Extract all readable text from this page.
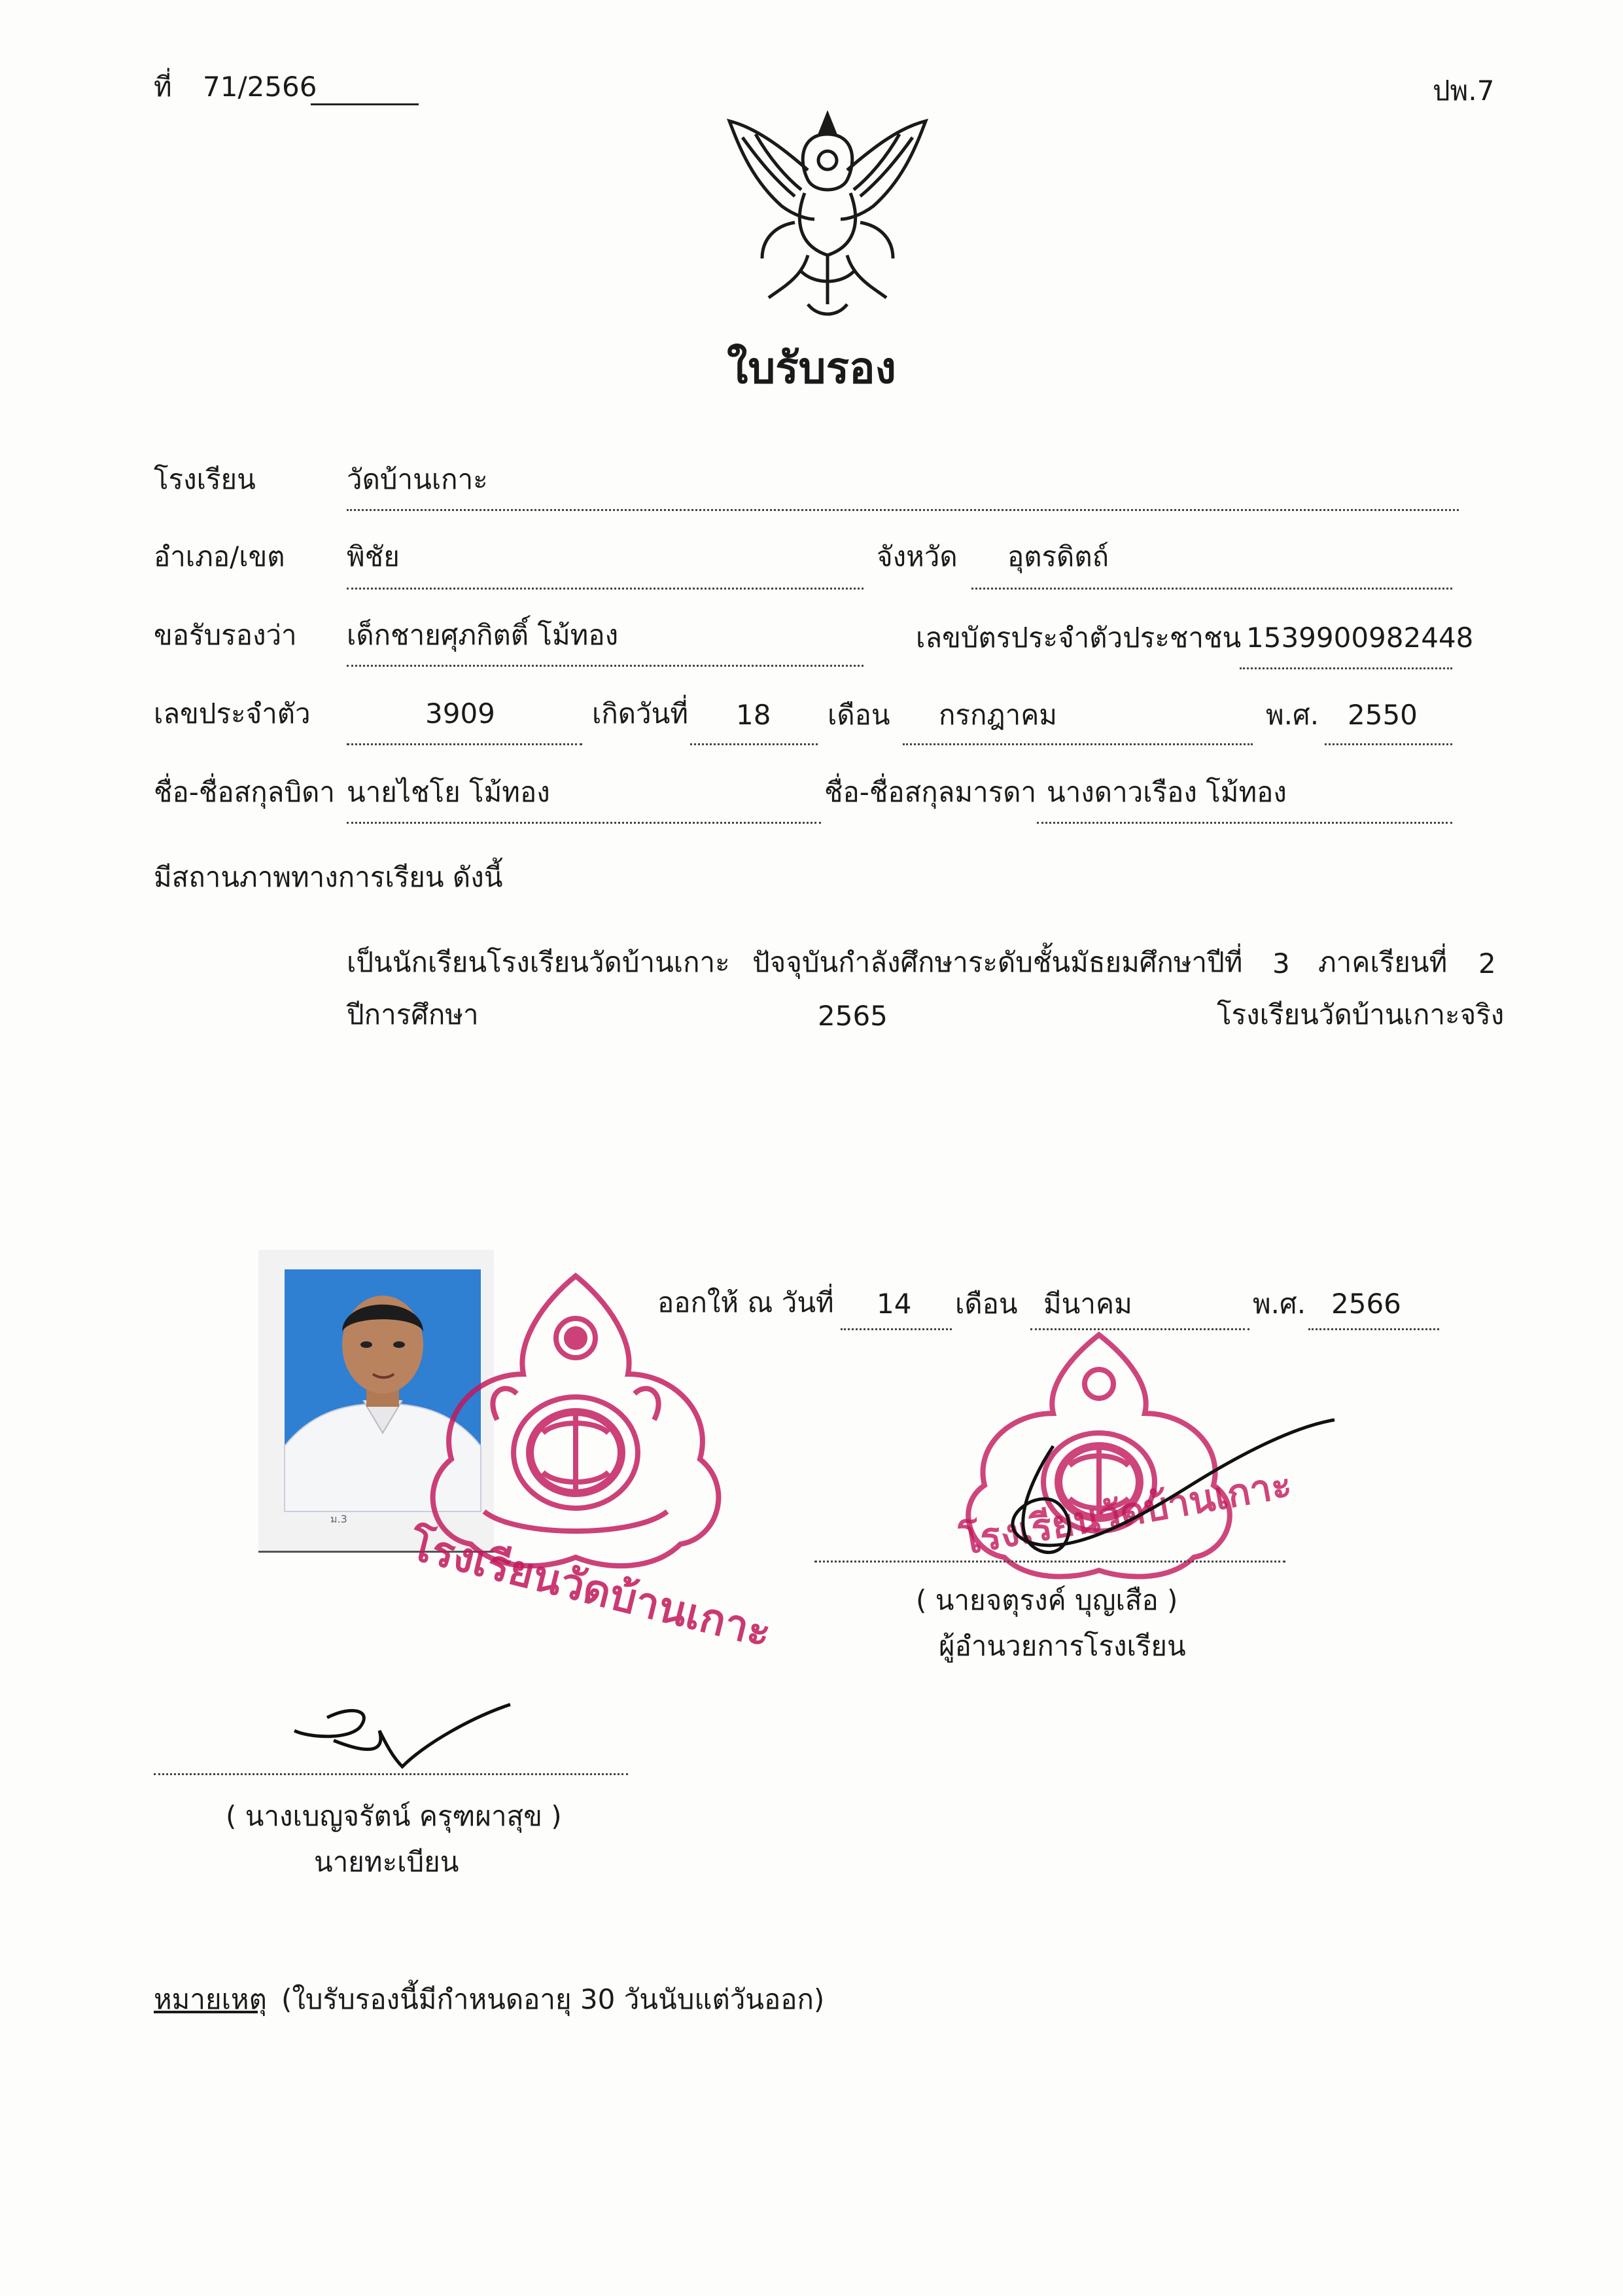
ที่ 71/2566	ปพ.7
ใบรับรอง
โรงเรียน	วัดบ้านเกาะ
อำเภอ/เขต พิชัย	จังหวัด อุตรดิตถ์
ขอรับรองว่า เด็กชายศุภกิตติ์ โม้ทอง	เลขบัตรประจำตัวประชาชน 1539900982448
เลขประจำตัว	3909	เกิดวันที่ 18 เดือน กรกฎาคม	พ.ศ. 2550
ชื่อ-ชื่อสกุลบิดา นายไชโย โม้ทอง	ชื่อ-ชื่อสกุลมารดา นางดาวเรือง โม้ทอง
มีสถานภาพทางการเรียน ดังนี้
เป็นนักเรียนโรงเรียนวัดบ้านเกาะ ปัจจุบันกำลังศึกษาระดับชั้นมัธยมศึกษาปีที่ 3 ภาคเรียนที่ 2
ปีการศึกษา	2565	โรงเรียนวัดบ้านเกาะจริง
ม.3
โรงเรียนวัดบ้านเกาะ
ออกให้ ณ วันที่ 14 เดือน มีนาคม	พ.ศ. 2566
โรงเรียนวัดบ้านเกาะ
( นายจตุรงค์ บุญเสือ )
ผู้อำนวยการโรงเรียน
( นางเบญจรัตน์ ครุฑผาสุข )
นายทะเบียน
หมายเหตุ (ใบรับรองนี้มีกำหนดอายุ 30 วันนับแต่วันออก)
